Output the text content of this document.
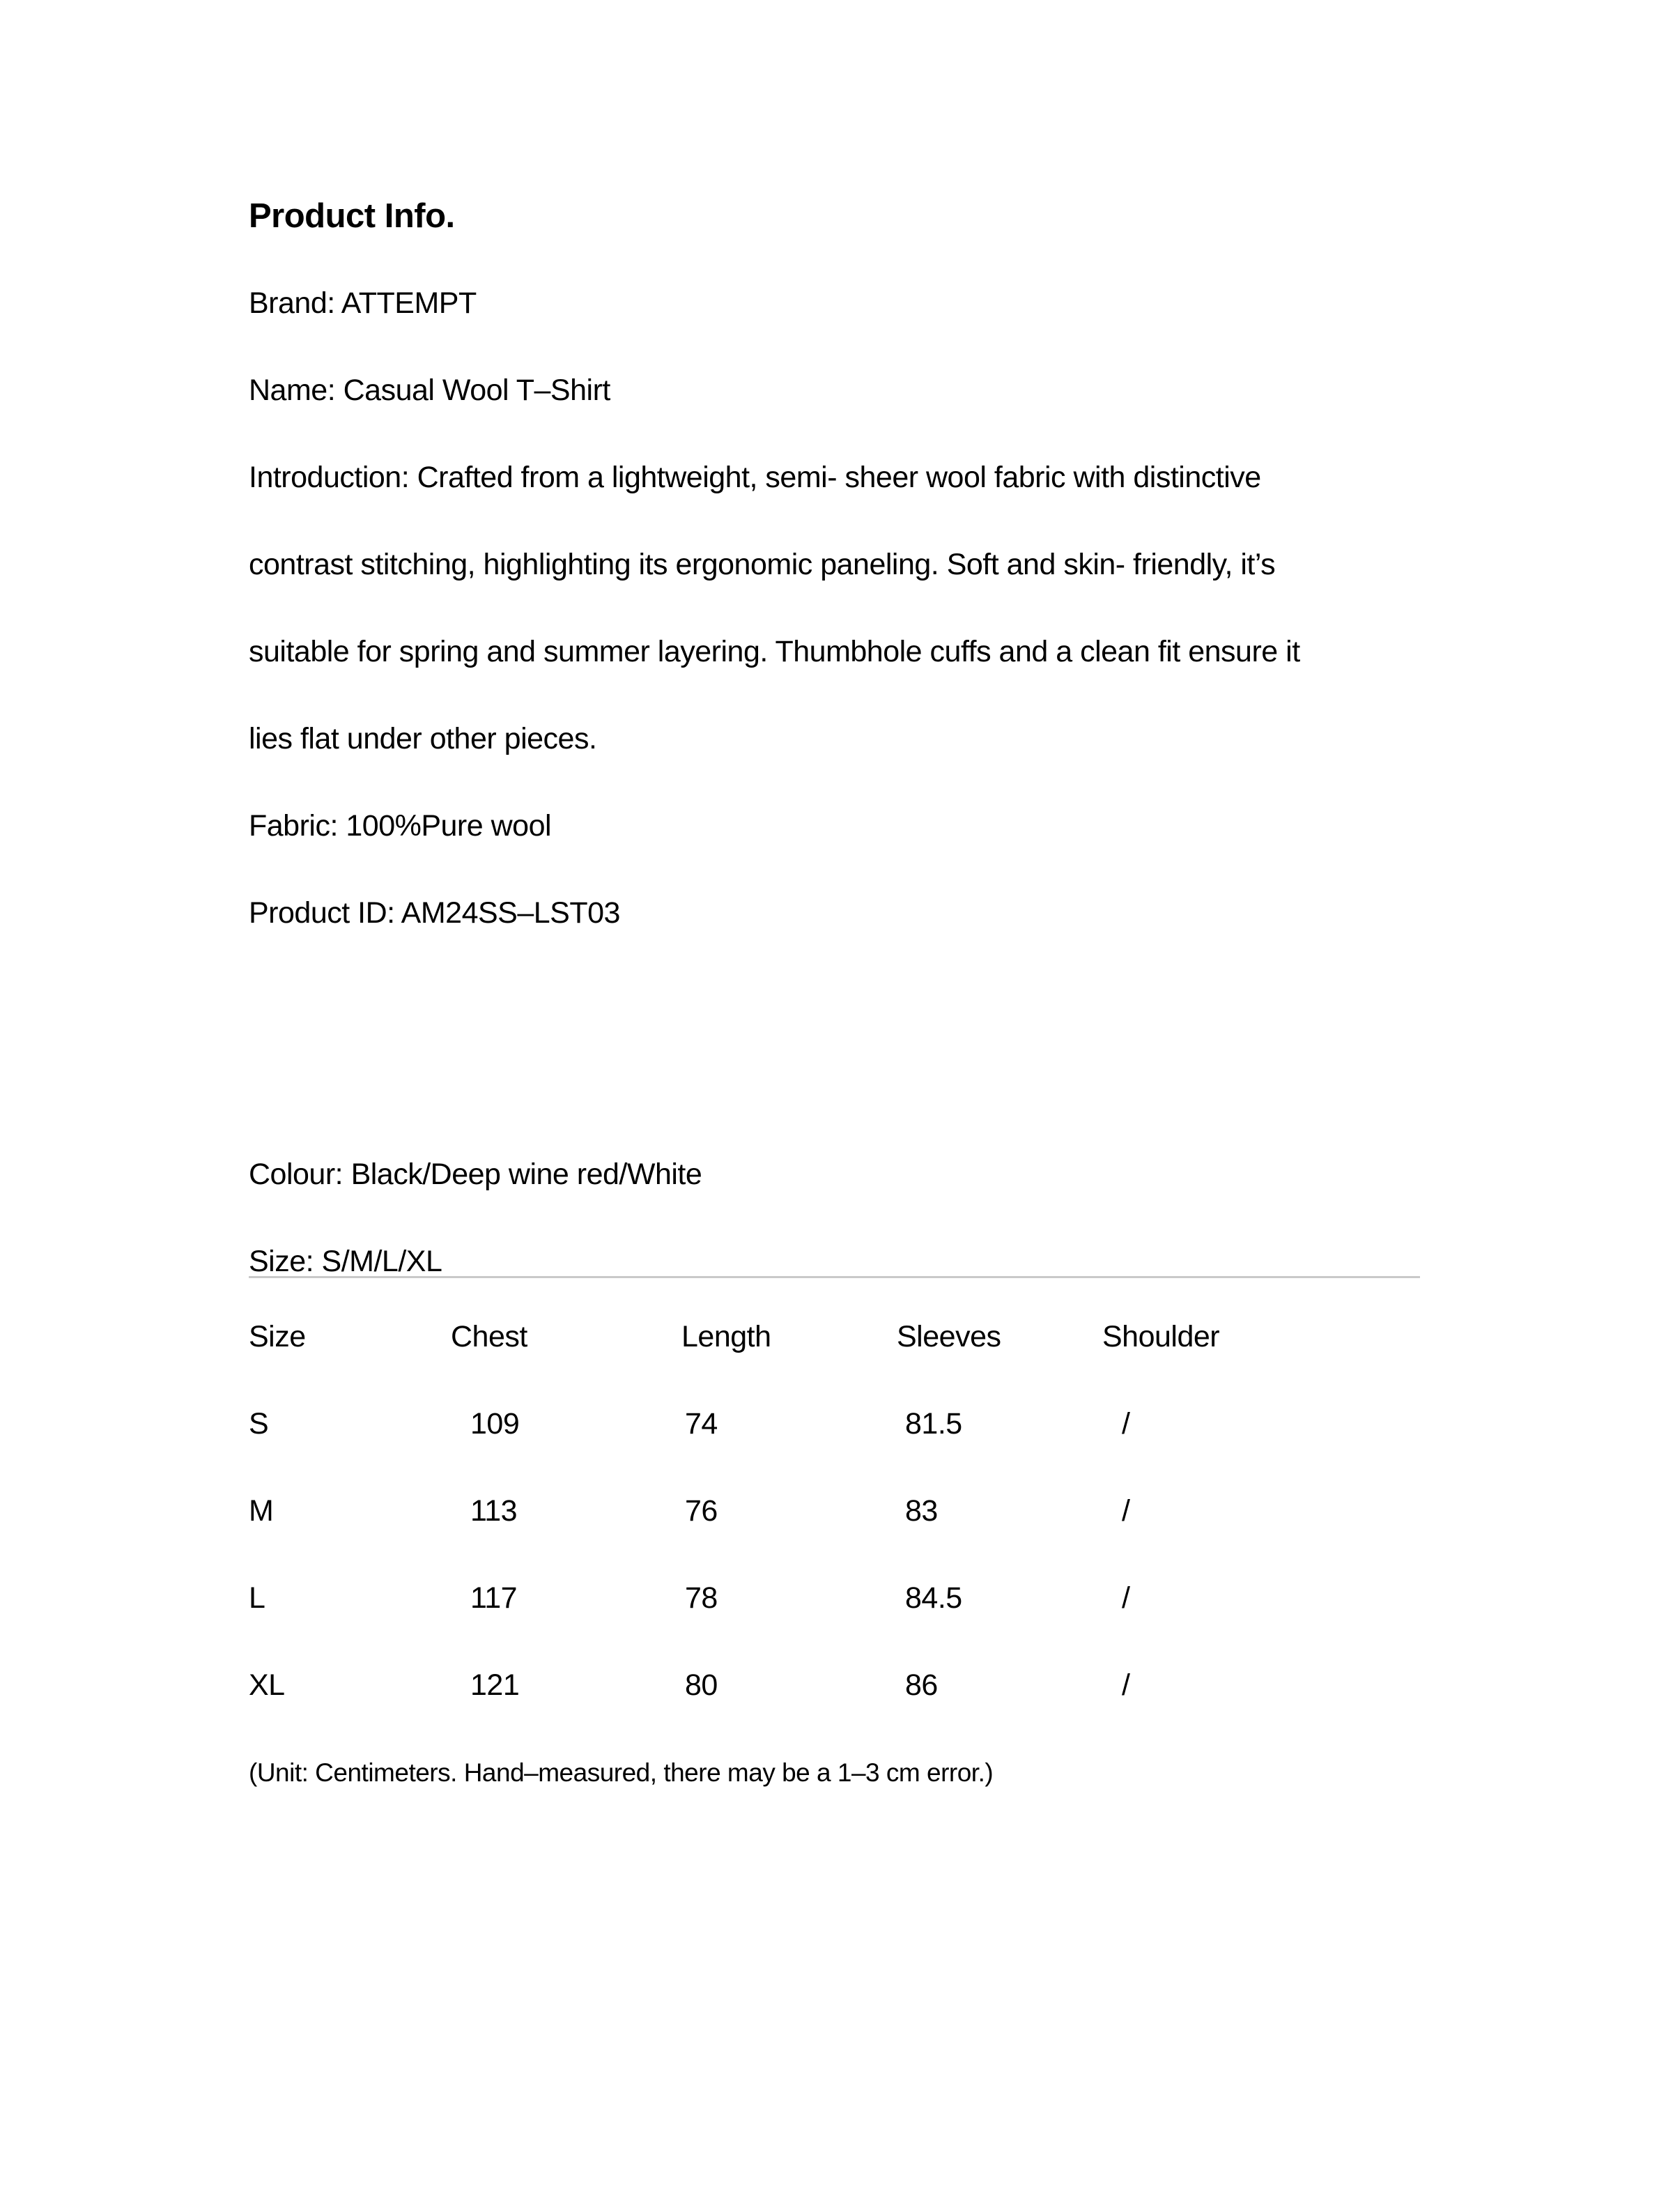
Product Info.

Brand: ATTEMPT

Name: Casual Wool T–Shirt

Introduction: Crafted from a lightweight, semi- sheer wool fabric with distinctive

contrast stitching, highlighting its ergonomic paneling. Soft and skin- friendly, it’s

suitable for spring and summer layering. Thumbhole cuffs and a clean fit ensure it

lies flat under other pieces.

Fabric: 100%Pure wool

Product ID: AM24SS–LST03

Colour: Black/Deep wine red/White

Size: S/M/L/XL

Size	Chest	Length	Sleeves	Shoulder
S	109	74	81.5	/
M	113	76	83	/
L	117	78	84.5	/
XL	121	80	86	/

(Unit: Centimeters. Hand–measured, there may be a 1–3 cm error.)
